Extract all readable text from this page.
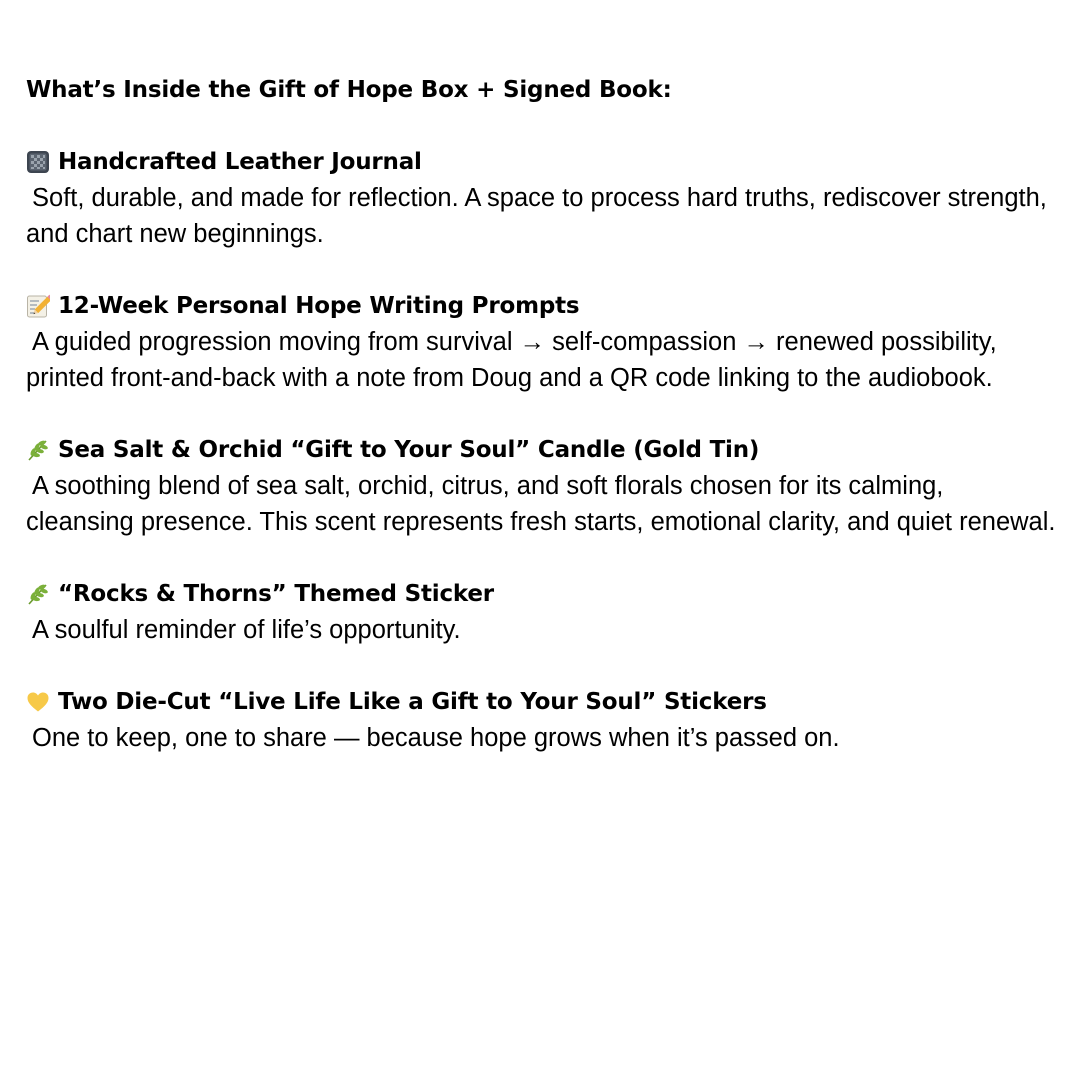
What’s Inside the Gift of Hope Box + Signed Book:
Handcrafted Leather Journal
Soft, durable, and made for reflection. A space to process hard truths, rediscover strength, and chart new beginnings.
12-Week Personal Hope Writing Prompts
A guided progression moving from survival → self-compassion → renewed possibility, printed front-and-back with a note from Doug and a QR code linking to the audiobook.
Sea Salt & Orchid “Gift to Your Soul” Candle (Gold Tin)
A soothing blend of sea salt, orchid, citrus, and soft florals chosen for its calming, cleansing presence. This scent represents fresh starts, emotional clarity, and quiet renewal.
“Rocks & Thorns” Themed Sticker
A soulful reminder of life’s opportunity.
Two Die-Cut “Live Life Like a Gift to Your Soul” Stickers
One to keep, one to share — because hope grows when it’s passed on.
